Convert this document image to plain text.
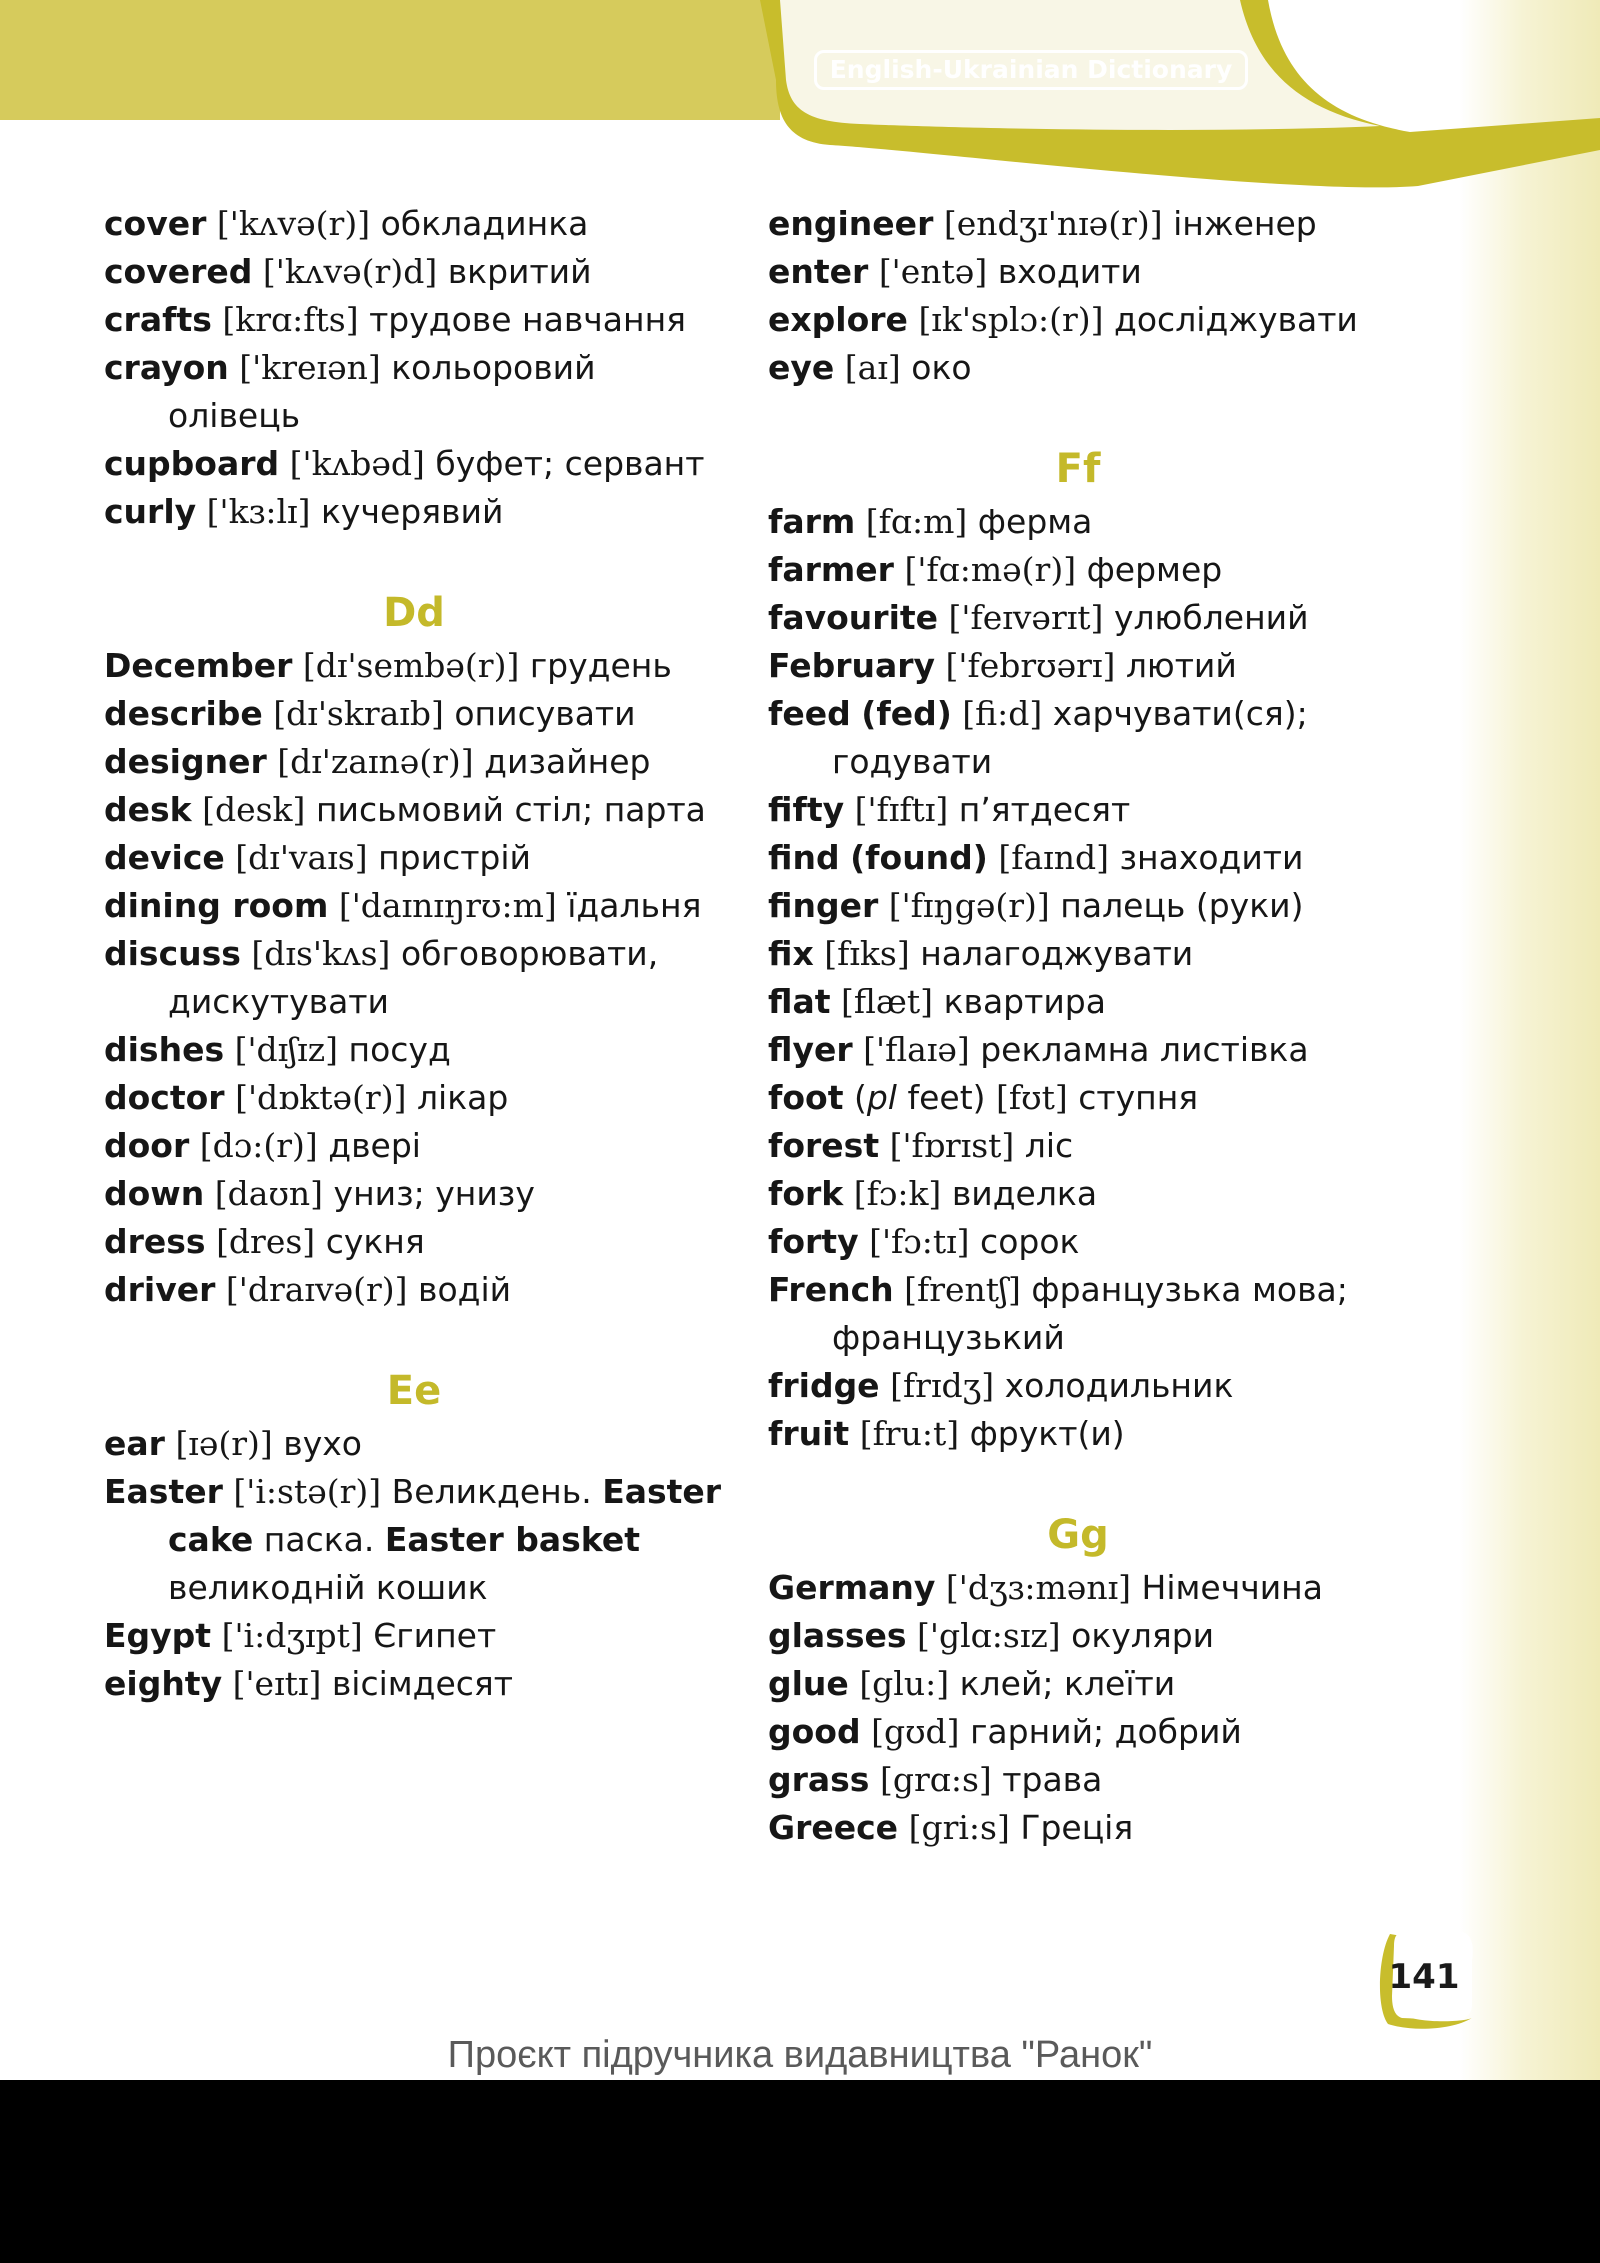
English-Ukrainian Dictionary

cover ['kʌvə(r)] обкладинка

covered ['kʌvə(r)d] вкритий

crafts [krɑ:fts] трудове навчання

crayon ['kreɪən] кольоровий олівець

cupboard ['kʌbəd] буфет; сервант

curly ['kɜ:lɪ] кучерявий

Dd

December [dɪ'sembə(r)] грудень

describe [dɪ'skraɪb] описувати

designer [dɪ'zaɪnə(r)] дизайнер

desk [desk] письмовий стіл; парта

device [dɪ'vaɪs] пристрій

dining room ['daɪnɪŋrʊ:m] їдальня

discuss [dɪs'kʌs] обговорювати, дискутувати

dishes ['dɪʃɪz] посуд

doctor ['dɒktə(r)] лікар

door [dɔ:(r)] двері

down [daʊn] униз; унизу

dress [dres] сукня

driver ['draɪvə(r)] водій

Ee

ear [ɪə(r)] вухо

Easter ['i:stə(r)] Великдень. Easter cake паска. Easter basket великодній кошик

Egypt ['i:dʒɪpt] Єгипет

eighty ['eɪtɪ] вісімдесят

engineer [endʒɪ'nɪə(r)] інженер

enter ['entə] входити

explore [ɪk'splɔ:(r)] досліджувати

eye [aɪ] око

Ff

farm [fɑ:m] ферма

farmer ['fɑ:mə(r)] фермер

favourite ['feɪvərɪt] улюблений

February ['febrʊərɪ] лютий

feed (fed) [fi:d] харчувати(ся); годувати

fifty ['fɪftɪ] п’ятдесят

find (found) [faɪnd] знаходити

finger ['fɪŋgə(r)] палець (руки)

fix [fɪks] налагоджувати

flat [flæt] квартира

flyer ['flaɪə] рекламна листівка

foot (pl feet) [fʊt] ступня

forest ['fɒrɪst] ліс

fork [fɔ:k] виделка

forty ['fɔ:tɪ] сорок

French [frentʃ] французька мова; французький

fridge [frɪdʒ] холодильник

fruit [fru:t] фрукт(и)

Gg

Germany ['dʒɜ:mənɪ] Німеччина

glasses ['glɑ:sɪz] окуляри

glue [glu:] клей; клеїти

good [gʊd] гарний; добрий

grass [grɑ:s] трава

Greece [gri:s] Греція

141
Проєкт підручника видавництва "Ранок"
